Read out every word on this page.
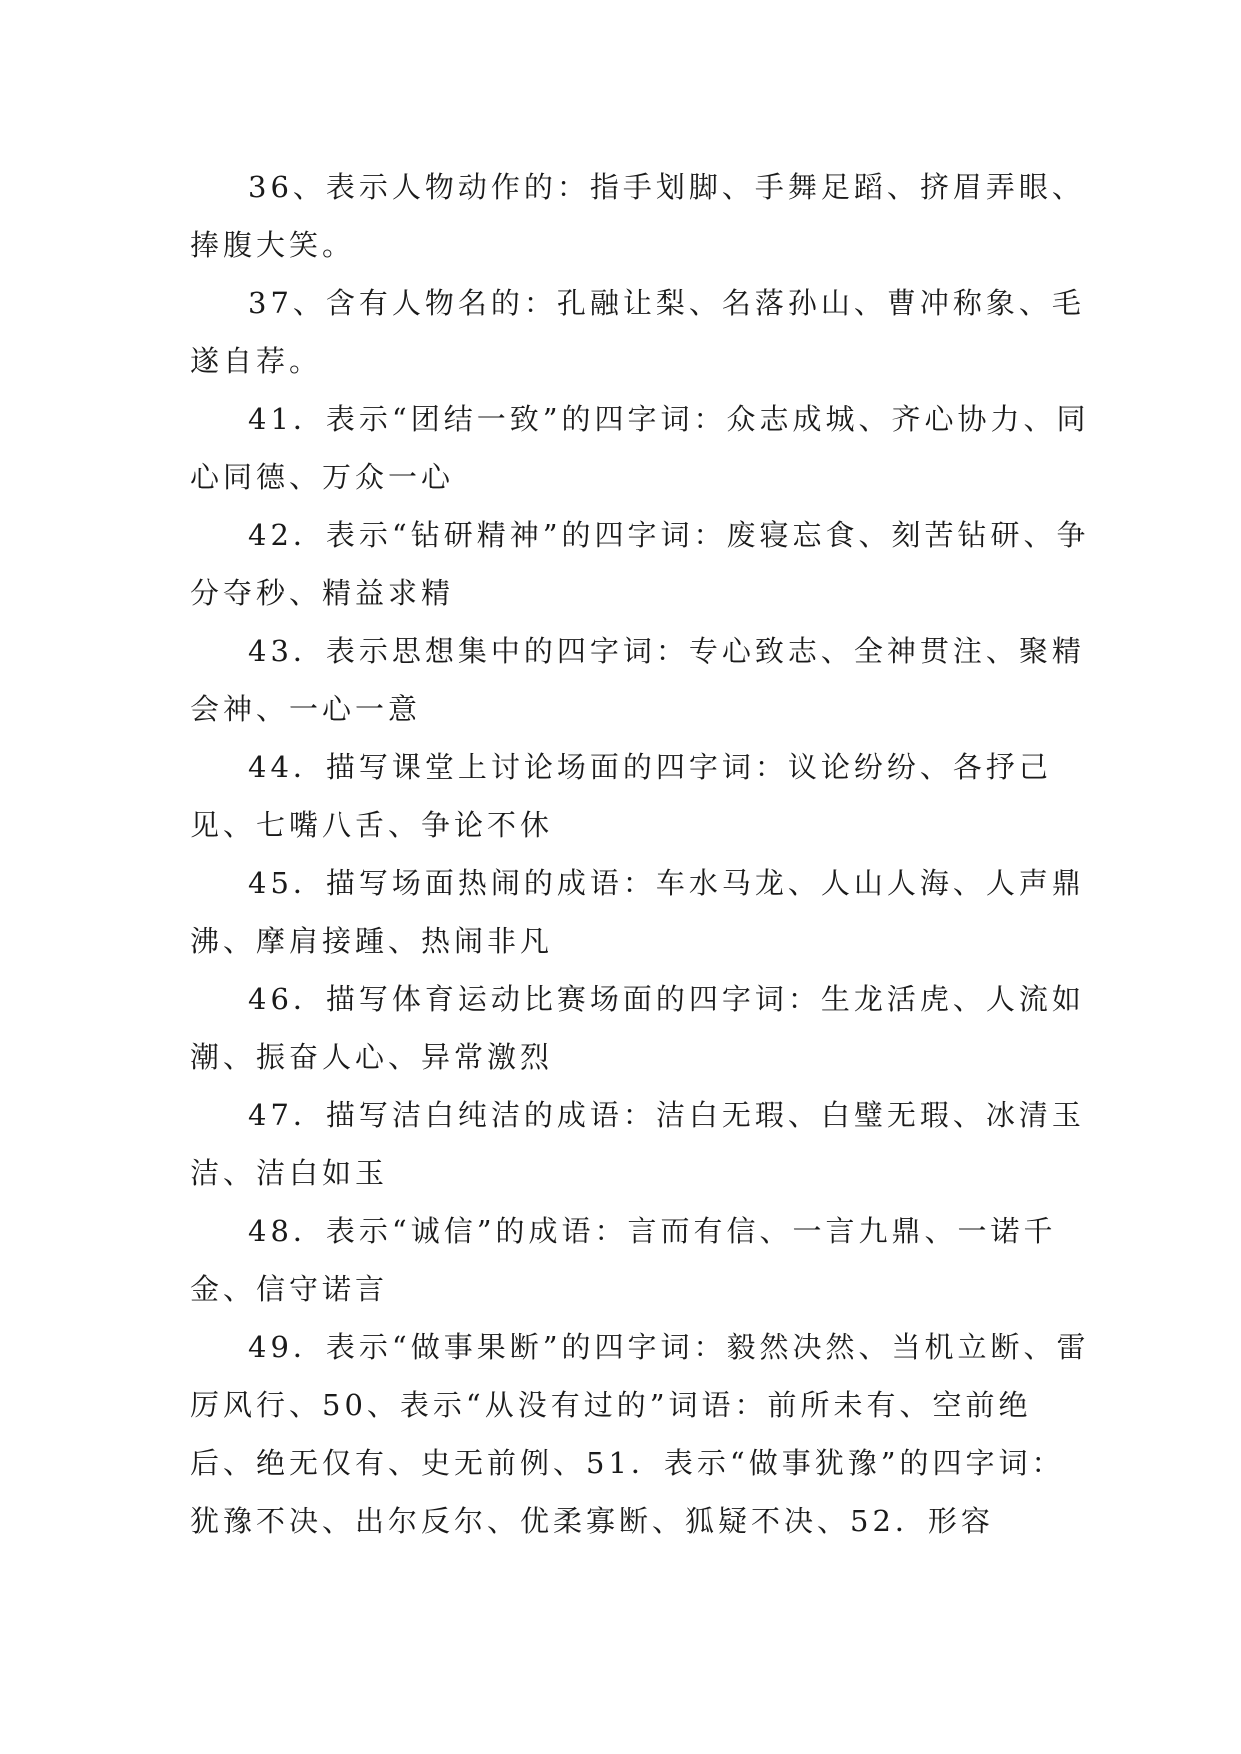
36、表示人物动作的：指手划脚、手舞足蹈、挤眉弄眼、捧腹大笑。

37、含有人物名的：孔融让梨、名落孙山、曹冲称象、毛遂自荐。

41．表示“团结一致”的四字词：众志成城、齐心协力、同心同德、万众一心

42．表示“钻研精神”的四字词：废寝忘食、刻苦钻研、争分夺秒、精益求精

43．表示思想集中的四字词：专心致志、全神贯注、聚精会神、一心一意

44．描写课堂上讨论场面的四字词：议论纷纷、各抒己见、七嘴八舌、争论不休

45．描写场面热闹的成语：车水马龙、人山人海、人声鼎沸、摩肩接踵、热闹非凡

46．描写体育运动比赛场面的四字词：生龙活虎、人流如潮、振奋人心、异常激烈

47．描写洁白纯洁的成语：洁白无瑕、白璧无瑕、冰清玉洁、洁白如玉

48．表示“诚信”的成语：言而有信、一言九鼎、一诺千金、信守诺言

49．表示“做事果断”的四字词：毅然决然、当机立断、雷厉风行、50、表示“从没有过的”词语：前所未有、空前绝后、绝无仅有、史无前例、51．表示“做事犹豫”的四字词：犹豫不决、出尔反尔、优柔寡断、狐疑不决、52．形容
